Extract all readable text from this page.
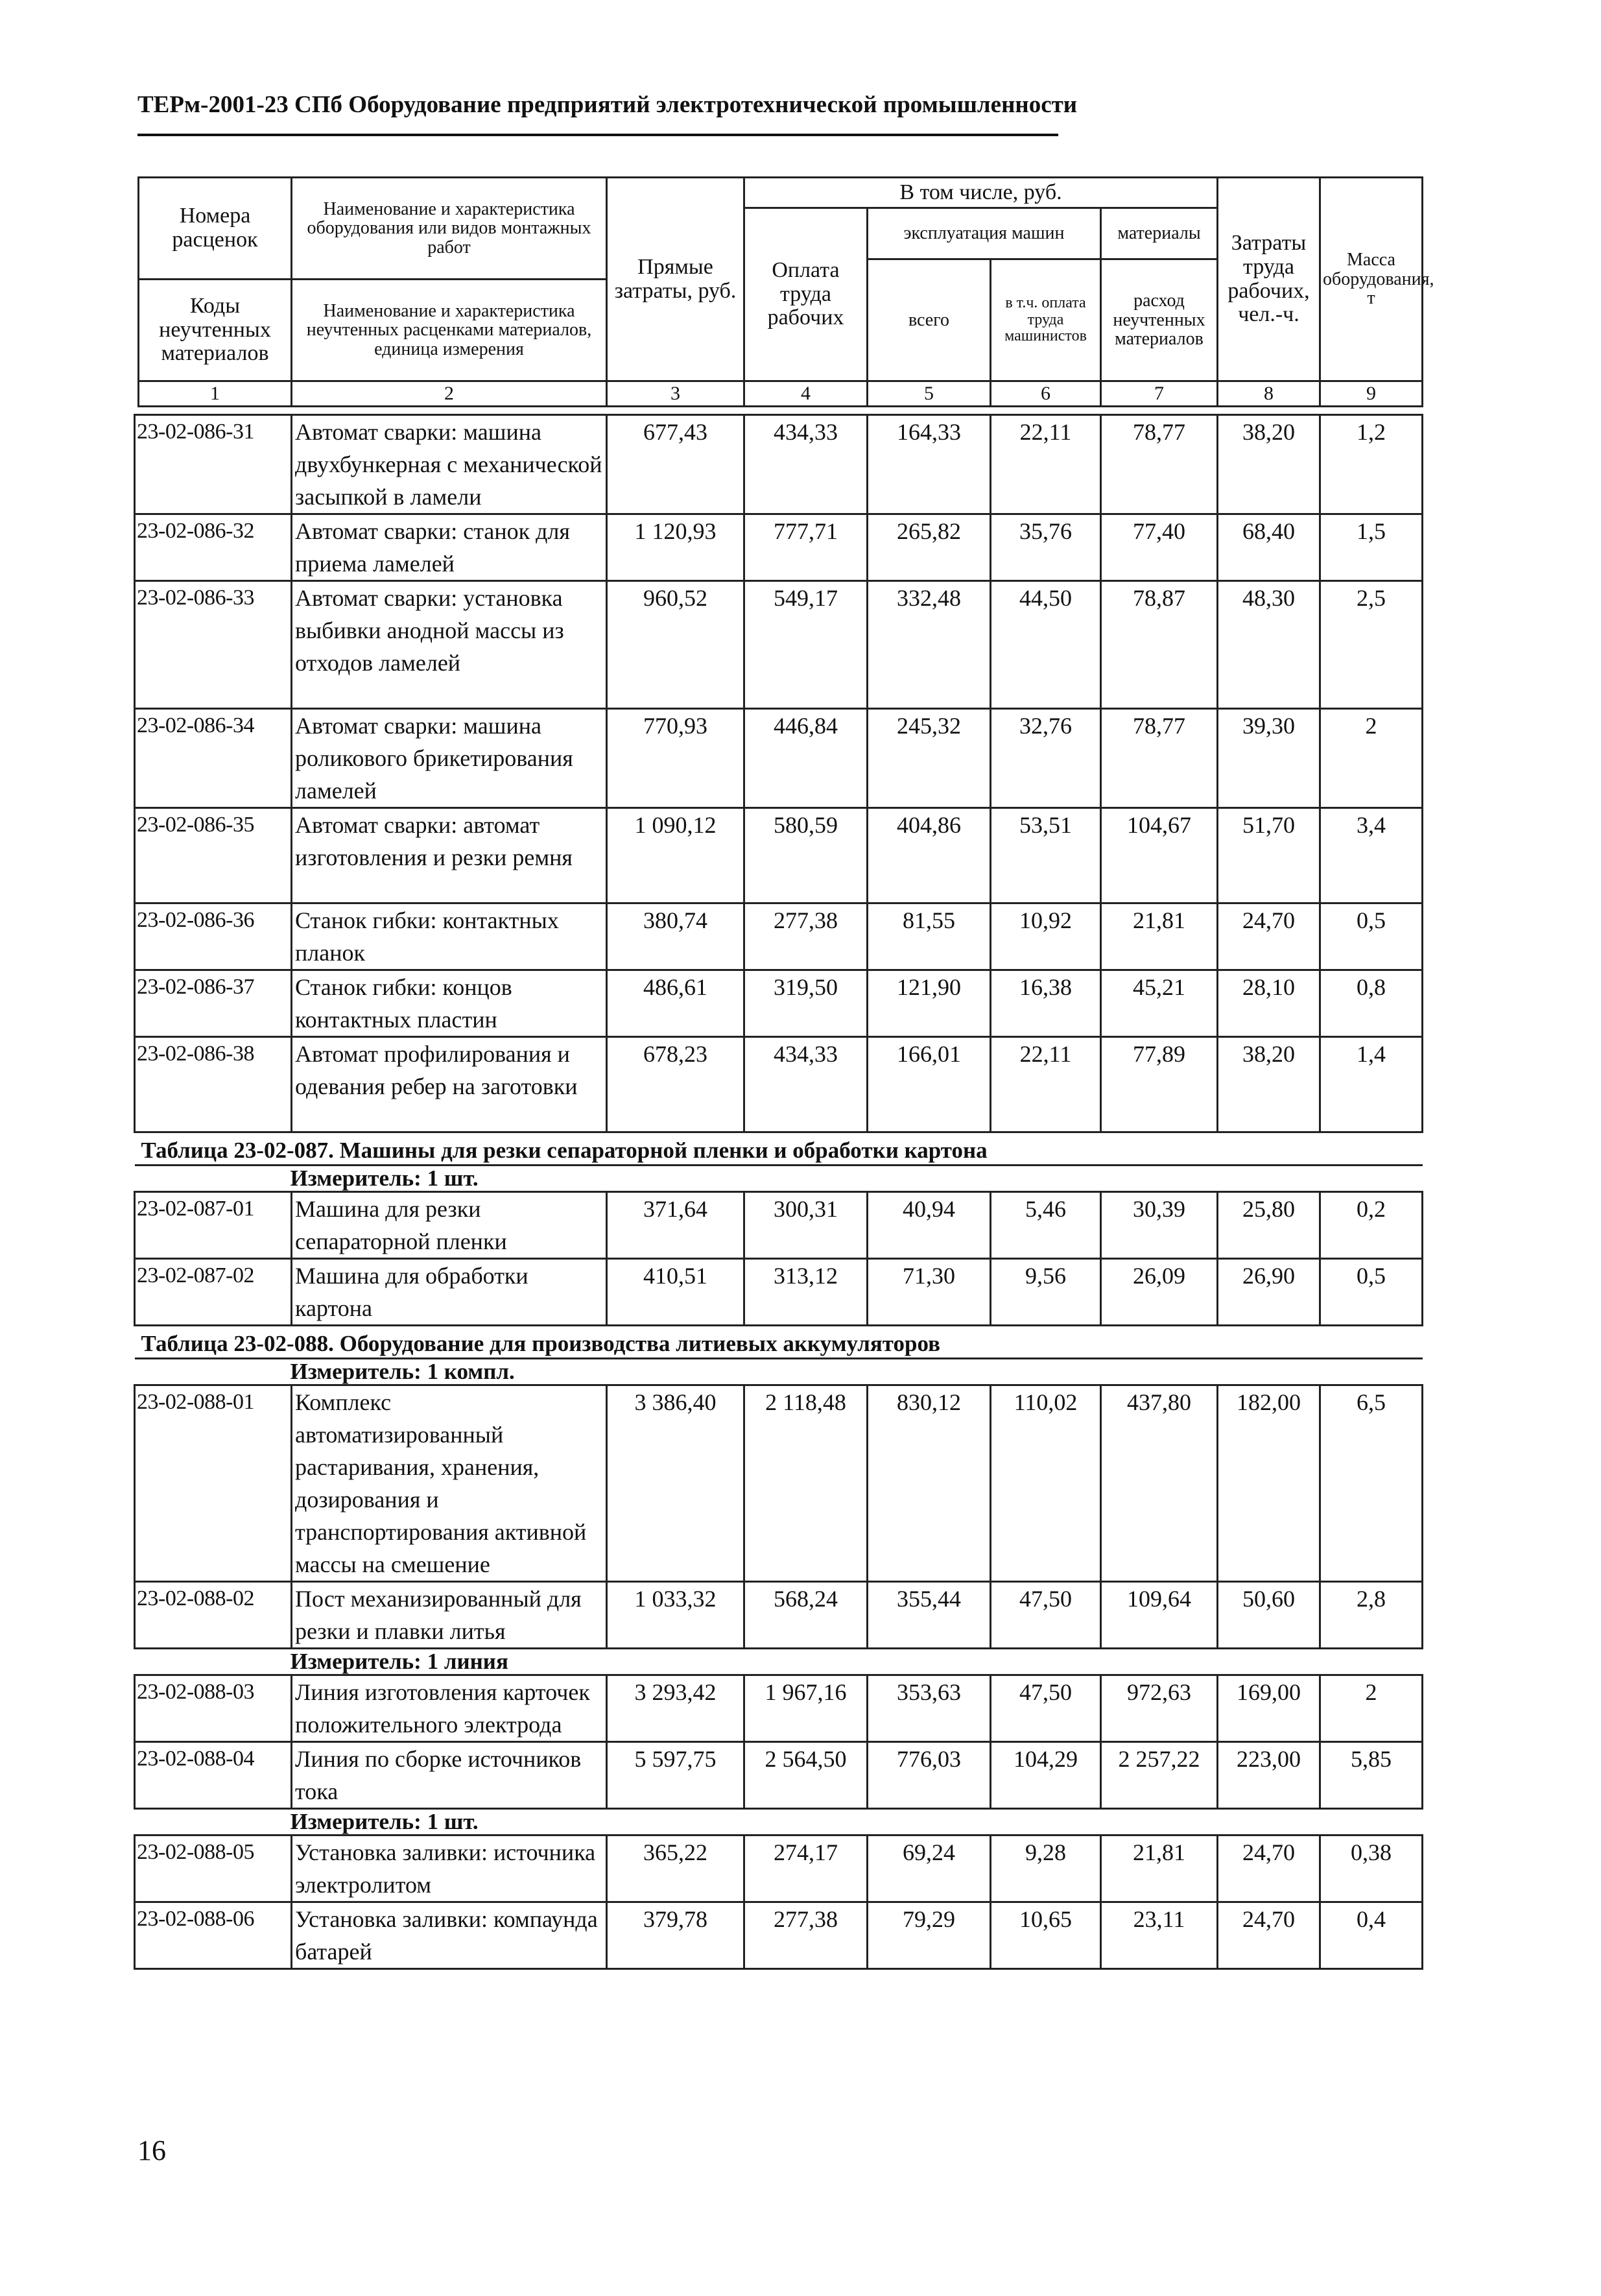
ТЕРм-2001-23 СПб Оборудование предприятий электротехнической промышленности
Номера расценок	Наименование и характеристика оборудования или видов монтажных работ	Прямые затраты, руб.	В том числе, руб.				Затраты труда рабочих, чел.-ч.	Масса оборудования, т
			Оплата труда рабочих	эксплуатация машин		материалы		
				всего	в т.ч. оплата труда машинистов	расход неучтенных материалов		
Коды неучтенных материалов	Наименование и характеристика неучтенных расценками материалов, единица измерения							

1	2	3	4	5	6	7	8	9
23-02-086-31	Автомат сварки: машина двухбункерная с механической засыпкой в ламели	677,43	434,33	164,33	22,11	78,77	38,20	1,2
23-02-086-32	Автомат сварки: станок для приема ламелей	1 120,93	777,71	265,82	35,76	77,40	68,40	1,5
23-02-086-33	Автомат сварки: установка выбивки анодной массы из отходов ламелей	960,52	549,17	332,48	44,50	78,87	48,30	2,5
23-02-086-34	Автомат сварки: машина роликового брикетирования ламелей	770,93	446,84	245,32	32,76	78,77	39,30	2
23-02-086-35	Автомат сварки: автомат изготовления и резки ремня	1 090,12	580,59	404,86	53,51	104,67	51,70	3,4
23-02-086-36	Станок гибки: контактных планок	380,74	277,38	81,55	10,92	21,81	24,70	0,5
23-02-086-37	Станок гибки: концов контактных пластин	486,61	319,50	121,90	16,38	45,21	28,10	0,8
23-02-086-38	Автомат профилирования и одевания ребер на заготовки	678,23	434,33	166,01	22,11	77,89	38,20	1,4
Таблица 23-02-087. Машины для резки сепараторной пленки и обработки картона								
Измеритель: 1 шт.								
23-02-087-01	Машина для резки сепараторной пленки	371,64	300,31	40,94	5,46	30,39	25,80	0,2
23-02-087-02	Машина для обработки картона	410,51	313,12	71,30	9,56	26,09	26,90	0,5
Таблица 23-02-088. Оборудование для производства литиевых аккумуляторов								
Измеритель: 1 компл.								
23-02-088-01	Комплекс автоматизированный растаривания, хранения, дозирования и транспортирования активной массы на смешение	3 386,40	2 118,48	830,12	110,02	437,80	182,00	6,5
23-02-088-02	Пост механизированный для резки и плавки литья	1 033,32	568,24	355,44	47,50	109,64	50,60	2,8
Измеритель: 1 линия								
23-02-088-03	Линия изготовления карточек положительного электрода	3 293,42	1 967,16	353,63	47,50	972,63	169,00	2
23-02-088-04	Линия по сборке источников тока	5 597,75	2 564,50	776,03	104,29	2 257,22	223,00	5,85
Измеритель: 1 шт.								
23-02-088-05	Установка заливки: источника электролитом	365,22	274,17	69,24	9,28	21,81	24,70	0,38
23-02-088-06	Установка заливки: компаунда батарей	379,78	277,38	79,29	10,65	23,11	24,70	0,4
16
